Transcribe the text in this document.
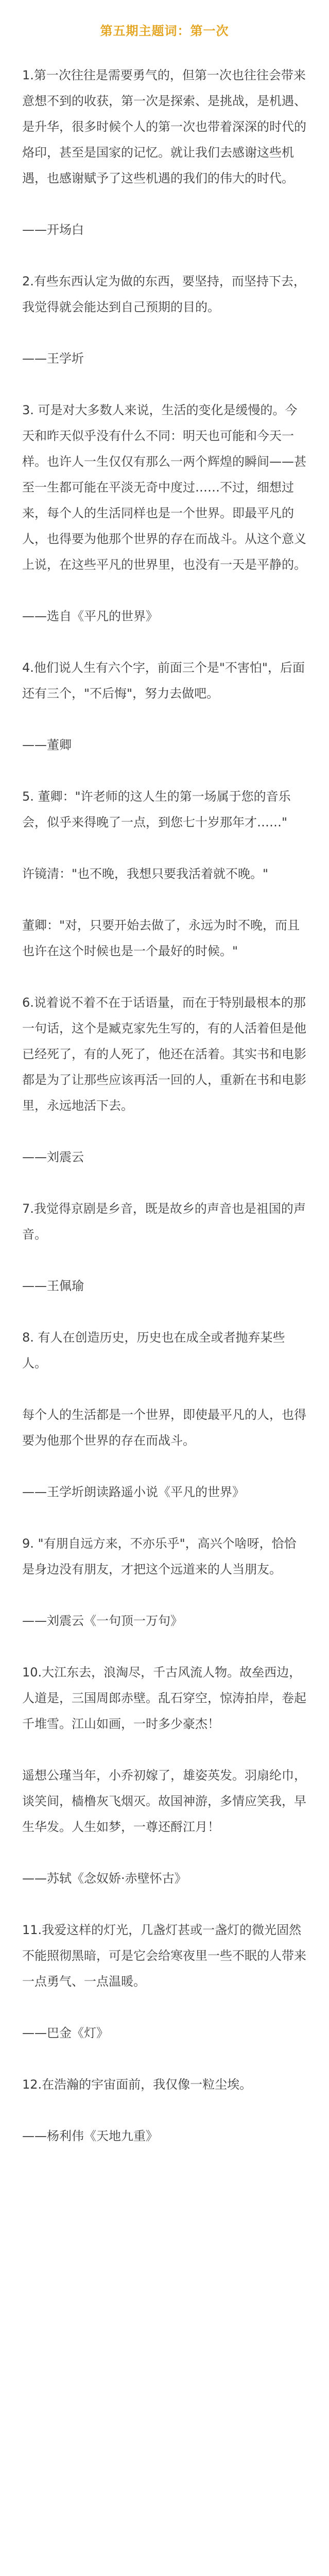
第五期主题词：第一次

1.第一次往往是需要勇气的，但第一次也往往会带来意想不到的收获，第一次是探索、是挑战，是机遇、是升华，很多时候个人的第一次也带着深深的时代的烙印，甚至是国家的记忆。就让我们去感谢这些机遇，也感谢赋予了这些机遇的我们的伟大的时代。

——开场白

2.有些东西认定为做的东西，要坚持，而坚持下去，我觉得就会能达到自己预期的目的。

——王学圻

3. 可是对大多数人来说，生活的变化是缓慢的。今天和昨天似乎没有什么不同：明天也可能和今天一样。也许人一生仅仅有那么一两个辉煌的瞬间——甚至一生都可能在平淡无奇中度过……不过，细想过来，每个人的生活同样也是一个世界。即最平凡的人，也得要为他那个世界的存在而战斗。从这个意义上说，在这些平凡的世界里，也没有一天是平静的。

——选自《平凡的世界》

4.他们说人生有六个字，前面三个是"不害怕"，后面还有三个，"不后悔"，努力去做吧。

——董卿

5. 董卿："许老师的这人生的第一场属于您的音乐会，似乎来得晚了一点，到您七十岁那年才……"

许镜清："也不晚，我想只要我活着就不晚。"

董卿："对，只要开始去做了，永远为时不晚，而且也许在这个时候也是一个最好的时候。"

6.说着说不着不在于话语量，而在于特别最根本的那一句话，这个是臧克家先生写的，有的人活着但是他已经死了，有的人死了，他还在活着。其实书和电影都是为了让那些应该再活一回的人，重新在书和电影里，永远地活下去。

——刘震云

7.我觉得京剧是乡音，既是故乡的声音也是祖国的声音。

——王佩瑜

8. 有人在创造历史，历史也在成全或者抛弃某些人。

每个人的生活都是一个世界，即使最平凡的人，也得要为他那个世界的存在而战斗。

——王学圻朗读路遥小说《平凡的世界》

9. "有朋自远方来，不亦乐乎"，高兴个啥呀，恰恰是身边没有朋友，才把这个远道来的人当朋友。

——刘震云《一句顶一万句》

10.大江东去，浪淘尽，千古风流人物。故垒西边，人道是，三国周郎赤壁。乱石穿空，惊涛拍岸，卷起千堆雪。江山如画，一时多少豪杰！

遥想公瑾当年，小乔初嫁了，雄姿英发。羽扇纶巾，谈笑间，樯橹灰飞烟灭。故国神游，多情应笑我，早生华发。人生如梦，一尊还酹江月！

——苏轼《念奴娇·赤壁怀古》

11.我爱这样的灯光，几盏灯甚或一盏灯的微光固然不能照彻黑暗，可是它会给寒夜里一些不眠的人带来一点勇气、一点温暖。

——巴金《灯》

12.在浩瀚的宇宙面前，我仅像一粒尘埃。

——杨利伟《天地九重》
